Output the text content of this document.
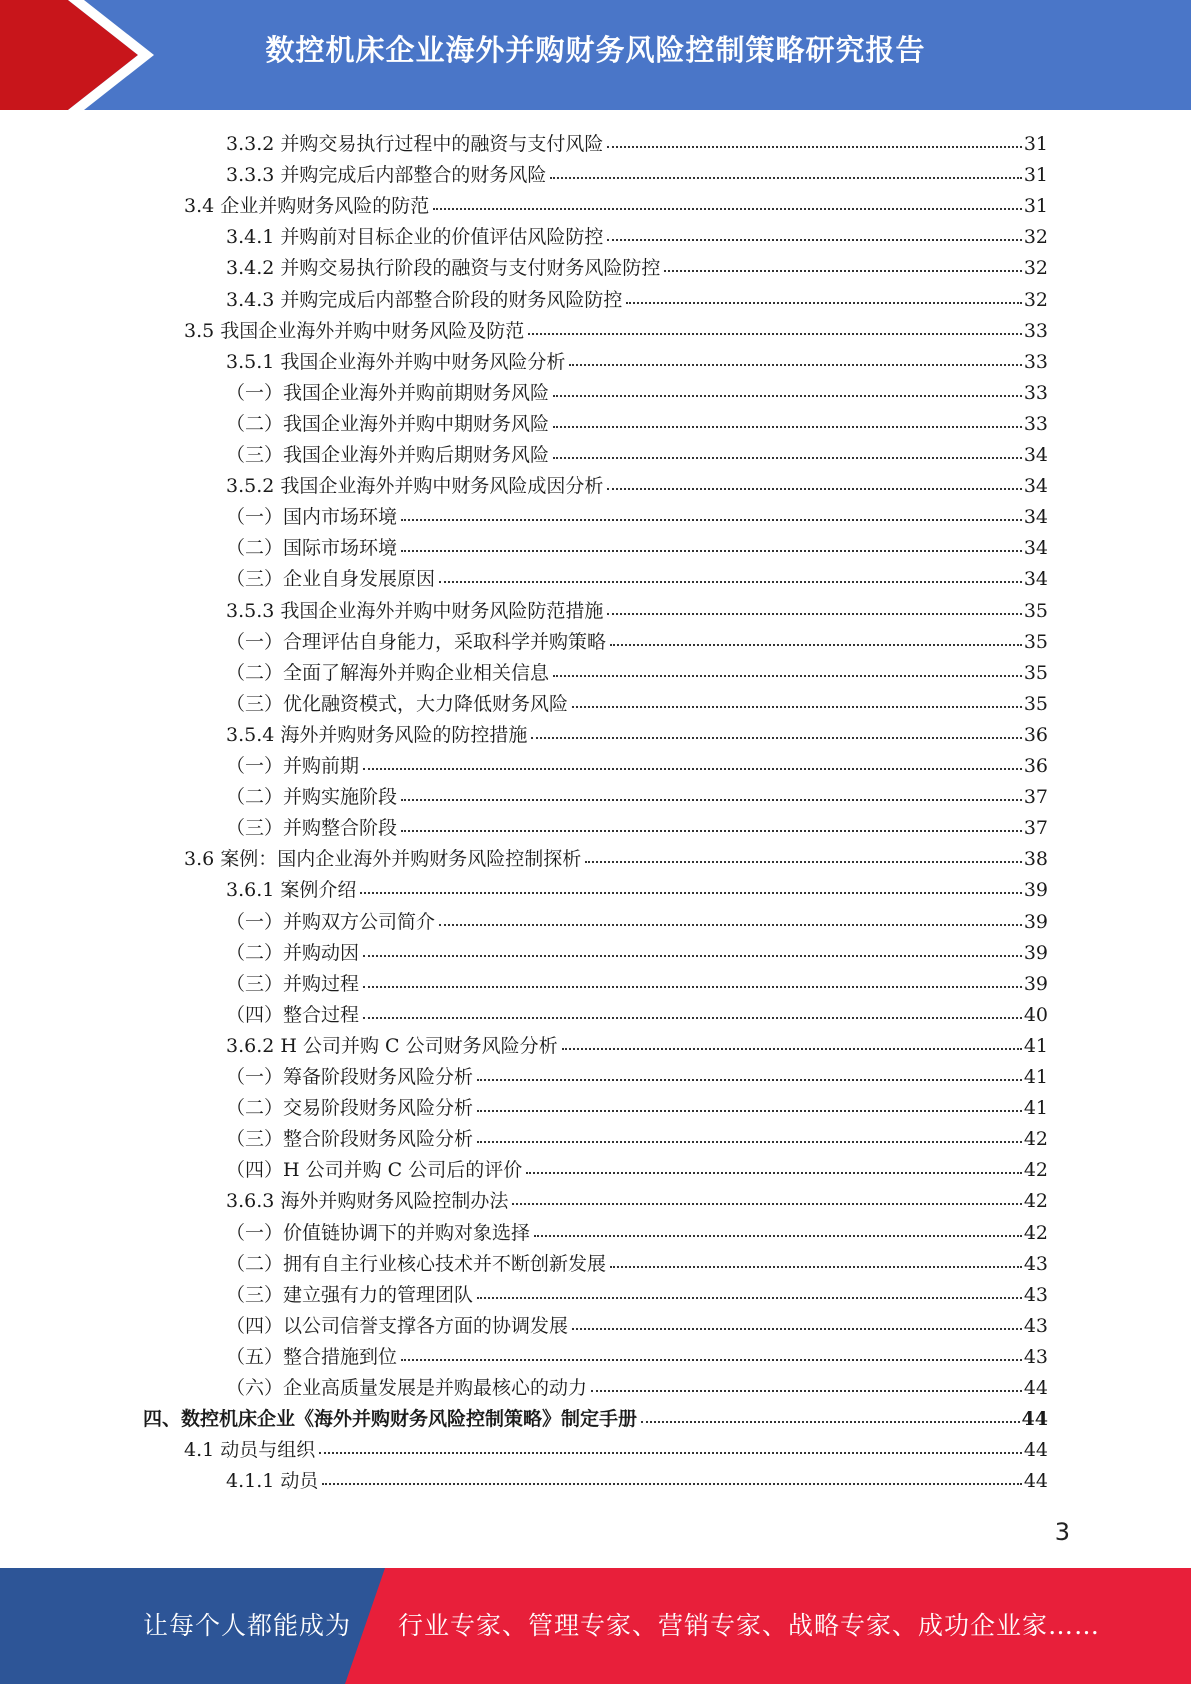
数控机床企业海外并购财务风险控制策略研究报告
3.3.2 并购交易执行过程中的融资与支付风险	31
3.3.3 并购完成后内部整合的财务风险	31
3.4 企业并购财务风险的防范	31
3.4.1 并购前对目标企业的价值评估风险防控	32
3.4.2 并购交易执行阶段的融资与支付财务风险防控	32
3.4.3 并购完成后内部整合阶段的财务风险防控	32
3.5 我国企业海外并购中财务风险及防范	33
3.5.1 我国企业海外并购中财务风险分析	33
（一）我国企业海外并购前期财务风险	33
（二）我国企业海外并购中期财务风险	33
（三）我国企业海外并购后期财务风险	34
3.5.2 我国企业海外并购中财务风险成因分析	34
（一）国内市场环境	34
（二）国际市场环境	34
（三）企业自身发展原因	34
3.5.3 我国企业海外并购中财务风险防范措施	35
（一）合理评估自身能力，采取科学并购策略	35
（二）全面了解海外并购企业相关信息	35
（三）优化融资模式，大力降低财务风险	35
3.5.4 海外并购财务风险的防控措施	36
（一）并购前期	36
（二）并购实施阶段	37
（三）并购整合阶段	37
3.6 案例：国内企业海外并购财务风险控制探析	38
3.6.1 案例介绍	39
（一）并购双方公司简介	39
（二）并购动因	39
（三）并购过程	39
（四）整合过程	40
3.6.2 H 公司并购 C 公司财务风险分析	41
（一）筹备阶段财务风险分析	41
（二）交易阶段财务风险分析	41
（三）整合阶段财务风险分析	42
（四）H 公司并购 C 公司后的评价	42
3.6.3 海外并购财务风险控制办法	42
（一）价值链协调下的并购对象选择	42
（二）拥有自主行业核心技术并不断创新发展	43
（三）建立强有力的管理团队	43
（四）以公司信誉支撑各方面的协调发展	43
（五）整合措施到位	43
（六）企业高质量发展是并购最核心的动力	44
四、数控机床企业《海外并购财务风险控制策略》制定手册	44
4.1 动员与组织	44
4.1.1 动员	44
3
让每个人都能成为 行业专家、管理专家、营销专家、战略专家、成功企业家……
